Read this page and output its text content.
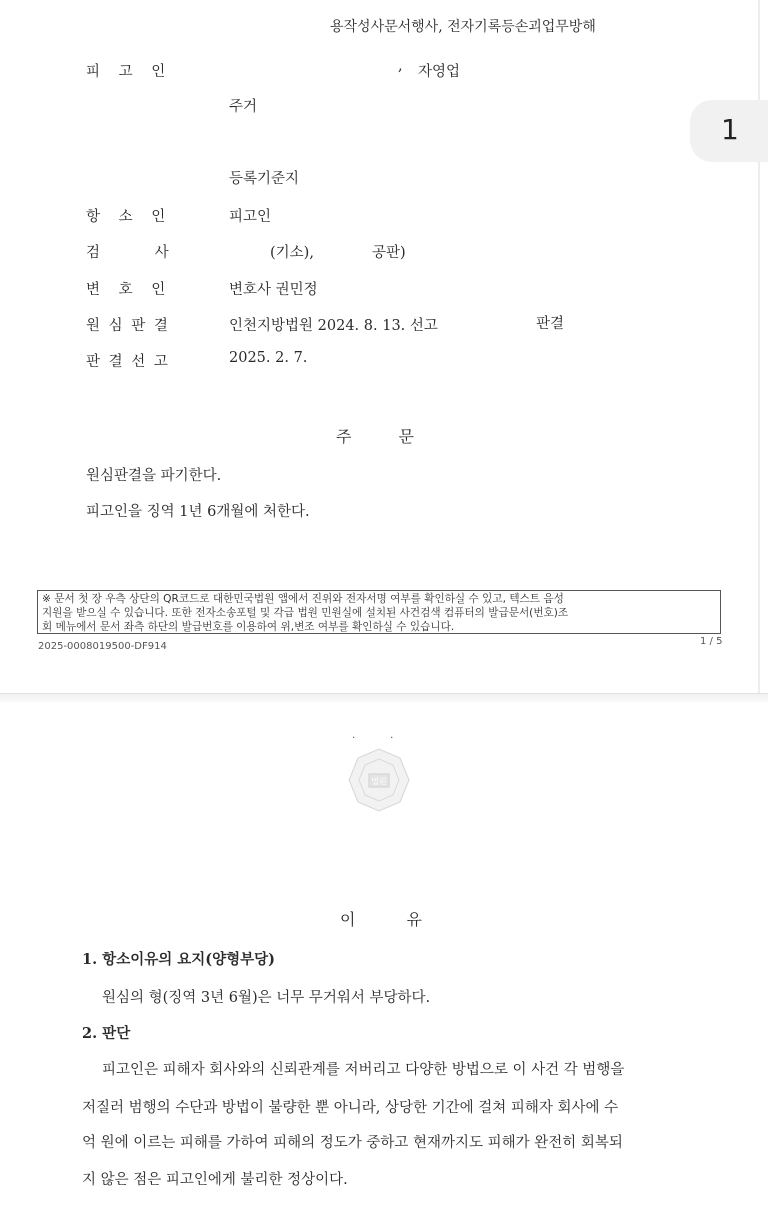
용작성사문서행사, 전자기록등손괴업무방해
피 고 인	, 자영업
주거
등록기준지
항 소 인	피고인
검 사	(기소),	공판)
변 호 인	변호사 권민정
원 심 판 결	인천지방법원 2024. 8. 13. 선고	판결
판 결 선 고	2025. 2. 7.
주 문
원심판결을 파기한다.
피고인을 징역 1년 6개월에 처한다.
※ 문서 첫 장 우측 상단의 QR코드로 대한민국법원 앱에서 진위와 전자서명 여부를 확인하실 수 있고, 텍스트 음성
지원을 받으실 수 있습니다. 또한 전자소송포털 및 각급 법원 민원실에 설치된 사건검색 컴퓨터의 발급문서(번호)조
회 메뉴에서 문서 좌측 하단의 발급번호를 이용하여 위,변조 여부를 확인하실 수 있습니다.
2025-0008019500-DF914	1 / 5
1
·           ·
법원
이 유
1. 항소이유의 요지(양형부당)
원심의 형(징역 3년 6월)은 너무 무거워서 부당하다.
2. 판단
피고인은 피해자 회사와의 신뢰관계를 저버리고 다양한 방법으로 이 사건 각 범행을
저질러 범행의 수단과 방법이 불량한 뿐 아니라, 상당한 기간에 걸쳐 피해자 회사에 수
억 원에 이르는 피해를 가하여 피해의 정도가 중하고 현재까지도 피해가 완전히 회복되
지 않은 점은 피고인에게 불리한 정상이다.
